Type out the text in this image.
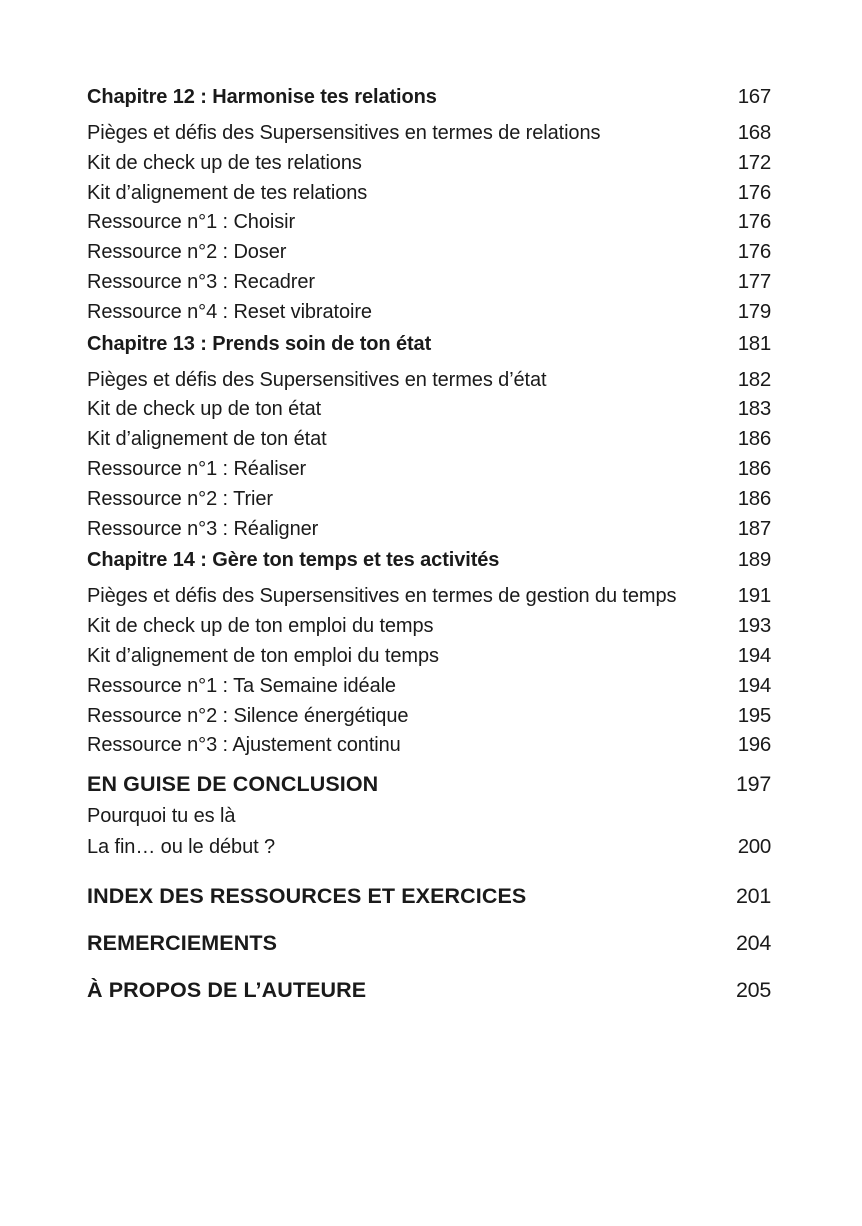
Chapitre 12 : Harmonise tes relations	167
Pièges et défis des Supersensitives en termes de relations	168
Kit de check up de tes relations	172
Kit d’alignement de tes relations	176
Ressource n°1 : Choisir	176
Ressource n°2 : Doser	176
Ressource n°3 : Recadrer	177
Ressource n°4 : Reset vibratoire	179
Chapitre 13 : Prends soin de ton état	181
Pièges et défis des Supersensitives en termes d’état	182
Kit de check up de ton état	183
Kit d’alignement de ton état	186
Ressource n°1 : Réaliser	186
Ressource n°2 : Trier	186
Ressource n°3 : Réaligner	187
Chapitre 14 : Gère ton temps et tes activités	189
Pièges et défis des Supersensitives en termes de gestion du temps	191
Kit de check up de ton emploi du temps	193
Kit d’alignement de ton emploi du temps	194
Ressource n°1 : Ta Semaine idéale	194
Ressource n°2 : Silence énergétique	195
Ressource n°3 : Ajustement continu	196
EN GUISE DE CONCLUSION	197
Pourquoi tu es là
La fin… ou le début ?	200
INDEX DES RESSOURCES ET EXERCICES	201
REMERCIEMENTS	204
À PROPOS DE L’AUTEURE	205
